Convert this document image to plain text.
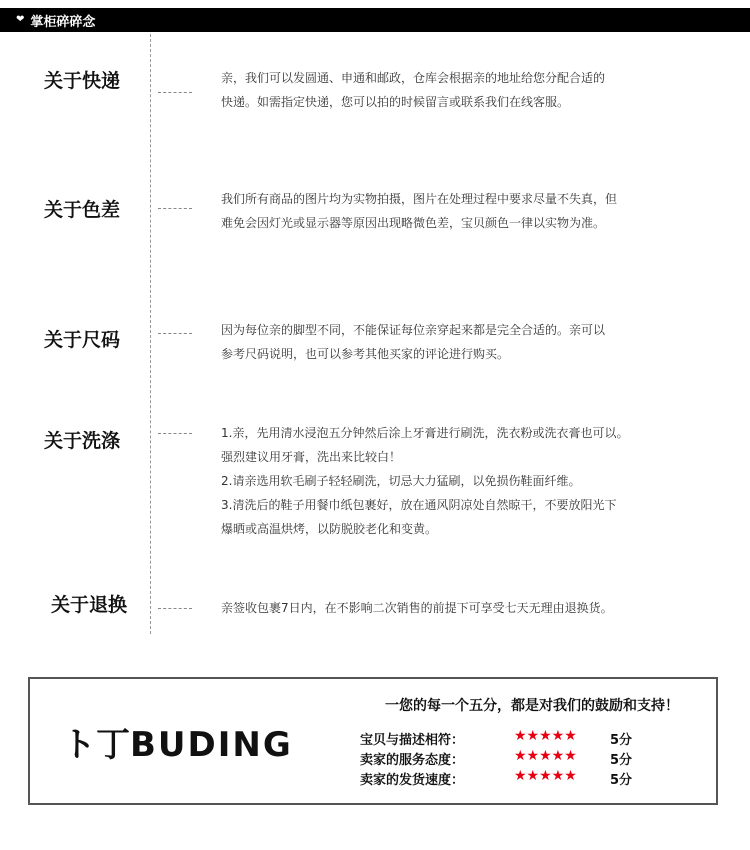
❤ 掌柜碎碎念
关于快递	亲，我们可以发圆通、申通和邮政，仓库会根据亲的地址给您分配合适的

快递。如需指定快递，您可以拍的时候留言或联系我们在线客服。

关于色差	我们所有商品的图片均为实物拍摄，图片在处理过程中要求尽量不失真，但

难免会因灯光或显示器等原因出现略微色差，宝贝颜色一律以实物为准。

关于尺码	因为每位亲的脚型不同，不能保证每位亲穿起来都是完全合适的。亲可以

参考尺码说明，也可以参考其他买家的评论进行购买。

关于洗涤	1.亲，先用清水浸泡五分钟然后涂上牙膏进行刷洗，洗衣粉或洗衣膏也可以。

强烈建议用牙膏，洗出来比较白！

2.请亲选用软毛刷子轻轻刷洗，切忌大力猛刷，以免损伤鞋面纤维。

3.清洗后的鞋子用餐巾纸包裹好，放在通风阴凉处自然晾干，不要放阳光下

爆晒或高温烘烤，以防脱胶老化和变黄。

关于退换	亲签收包裹7日内，在不影响二次销售的前提下可享受七天无理由退换货。

ト丁BUDING
一您的每一个五分，都是对我们的鼓励和支持！
宝贝与描述相符：	★★★★★	5分
卖家的服务态度：	★★★★★	5分
卖家的发货速度：	★★★★★	5分
